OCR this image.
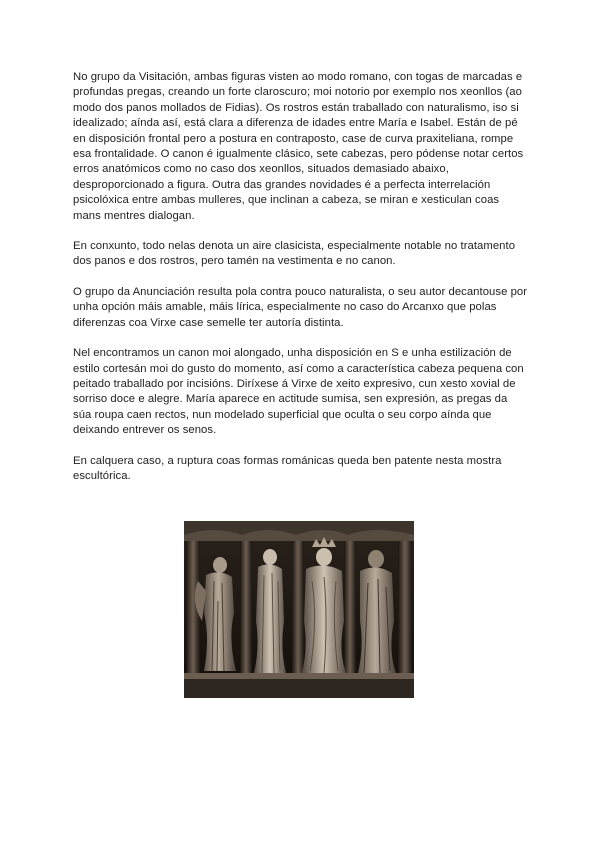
No grupo da Visitación, ambas figuras visten ao modo romano, con togas de marcadas e profundas pregas, creando un forte claroscuro; moi notorio por exemplo nos xeonllos (ao modo dos panos mollados de Fidias). Os rostros están traballado con naturalismo, iso si idealizado; aínda así, está clara a diferenza de idades entre María e Isabel. Están de pé en disposición frontal pero a postura en contraposto, case de curva praxiteliana, rompe esa frontalidade. O canon é igualmente clásico, sete cabezas, pero pódense notar certos erros anatómicos como no caso dos xeonllos, situados demasiado abaixo, desproporcionado a figura. Outra das grandes novidades é a perfecta interrelación psicolóxica entre ambas mulleres, que inclinan a cabeza, se miran e xesticulan coas mans mentres dialogan.

En conxunto, todo nelas denota un aire clasicista, especialmente notable no tratamento dos panos e dos rostros, pero tamén na vestimenta e no canon.

O grupo da Anunciación resulta pola contra pouco naturalista, o seu autor decantouse por unha opción máis amable, máis lírica, especialmente no caso do Arcanxo que polas diferenzas coa Virxe case semelle ter autoría distinta.

Nel encontramos un canon moi alongado, unha disposición en S e unha estilización de estilo cortesán moi do gusto do momento, así como a característica cabeza pequena con peitado traballado por incisións. Diríxese á Virxe de xeito expresivo, cun xesto xovial de sorriso doce e alegre. María aparece en actitude sumisa, sen expresión, as pregas da súa roupa caen rectos, nun modelado superficial que oculta o seu corpo aínda que deixando entrever os senos.

En calquera caso, a ruptura coas formas románicas queda ben patente nesta mostra escultórica.
